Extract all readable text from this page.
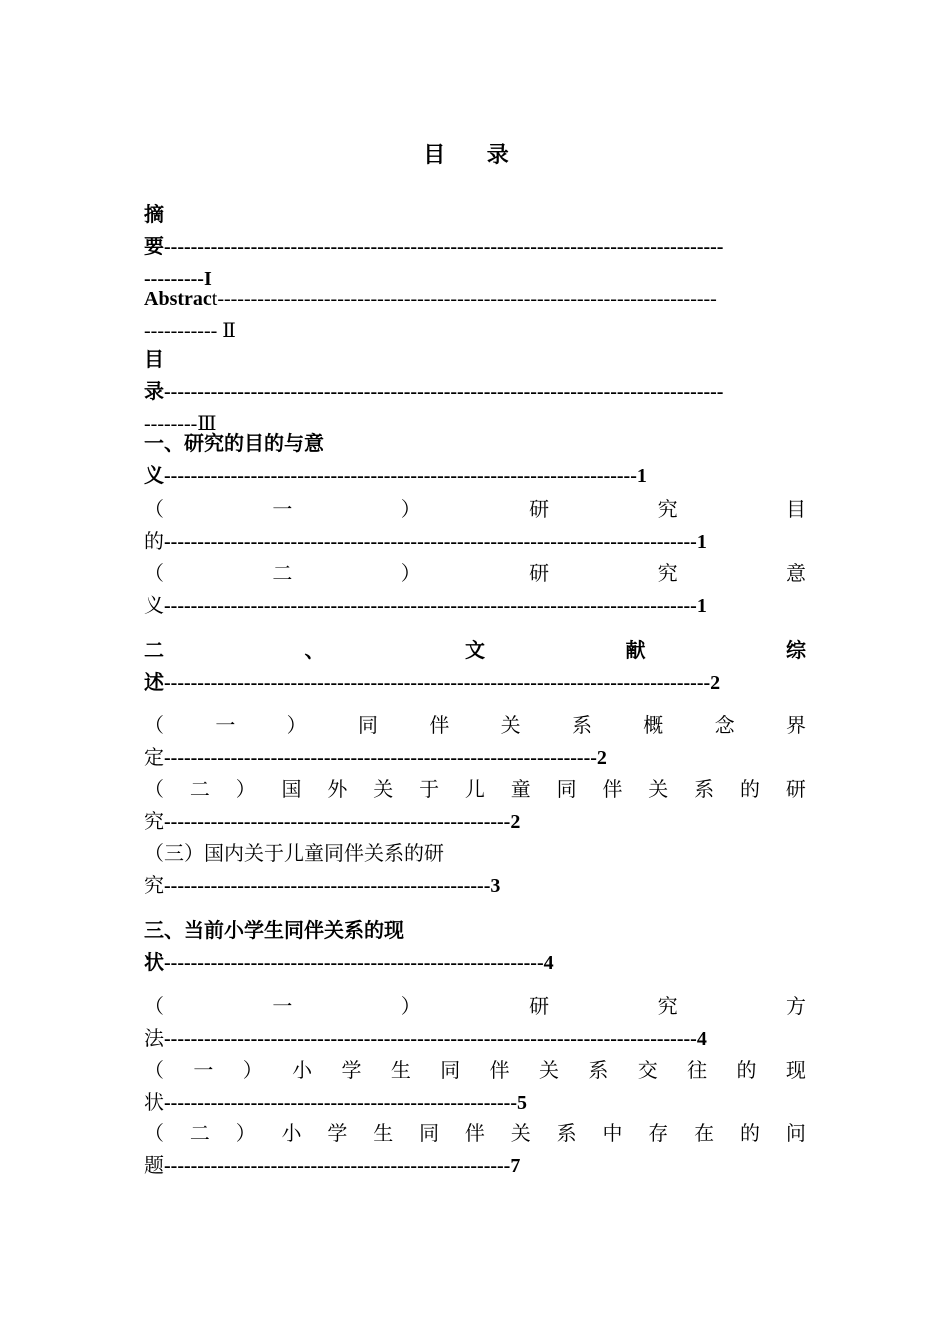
目 录
摘
要------------------------------------------------------------------------------------
---------I
Abstract---------------------------------------------------------------------------
----------- Ⅱ
目
录------------------------------------------------------------------------------------
--------Ⅲ
一、研究的目的与意
义-----------------------------------------------------------------------1
（	一	）	研	究	目
的--------------------------------------------------------------------------------1
（	二	）	研	究	意
义--------------------------------------------------------------------------------1
二	、	文	献	综
述----------------------------------------------------------------------------------2
（	一	）	同	伴	关	系	概	念	界
定-----------------------------------------------------------------2
（ 二 ） 国 外 关 于 儿 童 同 伴 关 系 的 研
究----------------------------------------------------2
（三）国内关于儿童同伴关系的研
究-------------------------------------------------3
三、当前小学生同伴关系的现
状---------------------------------------------------------4
（	一	）	研	究	方
法--------------------------------------------------------------------------------4
（ 一 ） 小 学 生 同 伴 关 系 交 往 的 现
状-----------------------------------------------------5
（ 二 ） 小 学 生 同 伴 关 系 中 存 在 的 问
题----------------------------------------------------7
